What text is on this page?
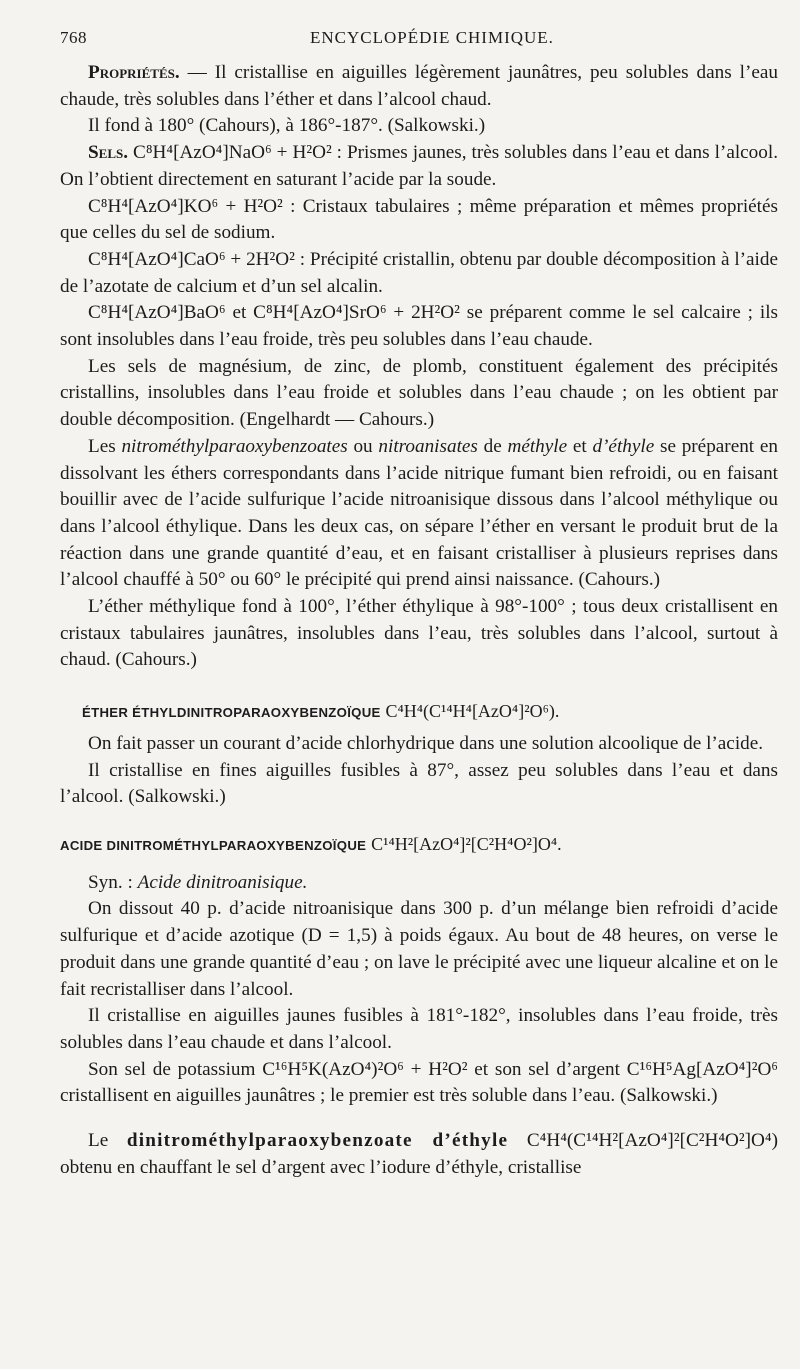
768	ENCYCLOPÉDIE CHIMIQUE.

Propriétés. — Il cristallise en aiguilles légèrement jaunâtres, peu solubles dans l’eau chaude, très solubles dans l’éther et dans l’alcool chaud.

Il fond à 180° (Cahours), à 186°-187°. (Salkowski.)

Sels. C⁸H⁴[AzO⁴]NaO⁶ + H²O² : Prismes jaunes, très solubles dans l’eau et dans l’alcool. On l’obtient directement en saturant l’acide par la soude.

C⁸H⁴[AzO⁴]KO⁶ + H²O² : Cristaux tabulaires ; même préparation et mêmes propriétés que celles du sel de sodium.

C⁸H⁴[AzO⁴]CaO⁶ + 2H²O² : Précipité cristallin, obtenu par double décomposition à l’aide de l’azotate de calcium et d’un sel alcalin.

C⁸H⁴[AzO⁴]BaO⁶ et C⁸H⁴[AzO⁴]SrO⁶ + 2H²O² se préparent comme le sel calcaire ; ils sont insolubles dans l’eau froide, très peu solubles dans l’eau chaude.

Les sels de magnésium, de zinc, de plomb, constituent également des précipités cristallins, insolubles dans l’eau froide et solubles dans l’eau chaude ; on les obtient par double décomposition. (Engelhardt — Cahours.)

Les nitrométhylparaoxybenzoates ou nitroanisates de méthyle et d’éthyle se préparent en dissolvant les éthers correspondants dans l’acide nitrique fumant bien refroidi, ou en faisant bouillir avec de l’acide sulfurique l’acide nitroanisique dissous dans l’alcool méthylique ou dans l’alcool éthylique. Dans les deux cas, on sépare l’éther en versant le produit brut de la réaction dans une grande quantité d’eau, et en faisant cristalliser à plusieurs reprises dans l’alcool chauffé à 50° ou 60° le précipité qui prend ainsi naissance. (Cahours.)

L’éther méthylique fond à 100°, l’éther éthylique à 98°-100° ; tous deux cristallisent en cristaux tabulaires jaunâtres, insolubles dans l’eau, très solubles dans l’alcool, surtout à chaud. (Cahours.)

ÉTHER ÉTHYLDINITROPARAOXYBENZOÏQUE C⁴H⁴(C¹⁴H⁴[AzO⁴]²O⁶).

On fait passer un courant d’acide chlorhydrique dans une solution alcoolique de l’acide.

Il cristallise en fines aiguilles fusibles à 87°, assez peu solubles dans l’eau et dans l’alcool. (Salkowski.)

ACIDE DINITROMÉTHYLPARAOXYBENZOÏQUE C¹⁴H²[AzO⁴]²[C²H⁴O²]O⁴.

Syn. : Acide dinitroanisique.

On dissout 40 p. d’acide nitroanisique dans 300 p. d’un mélange bien refroidi d’acide sulfurique et d’acide azotique (D = 1,5) à poids égaux. Au bout de 48 heures, on verse le produit dans une grande quantité d’eau ; on lave le précipité avec une liqueur alcaline et on le fait recristalliser dans l’alcool.

Il cristallise en aiguilles jaunes fusibles à 181°-182°, insolubles dans l’eau froide, très solubles dans l’eau chaude et dans l’alcool.

Son sel de potassium C¹⁶H⁵K(AzO⁴)²O⁶ + H²O² et son sel d’argent C¹⁶H⁵Ag[AzO⁴]²O⁶ cristallisent en aiguilles jaunâtres ; le premier est très soluble dans l’eau. (Salkowski.)

Le dinitrométhylparaoxybenzoate d’éthyle C⁴H⁴(C¹⁴H²[AzO⁴]²[C²H⁴O²]O⁴) obtenu en chauffant le sel d’argent avec l’iodure d’éthyle, cristallise
